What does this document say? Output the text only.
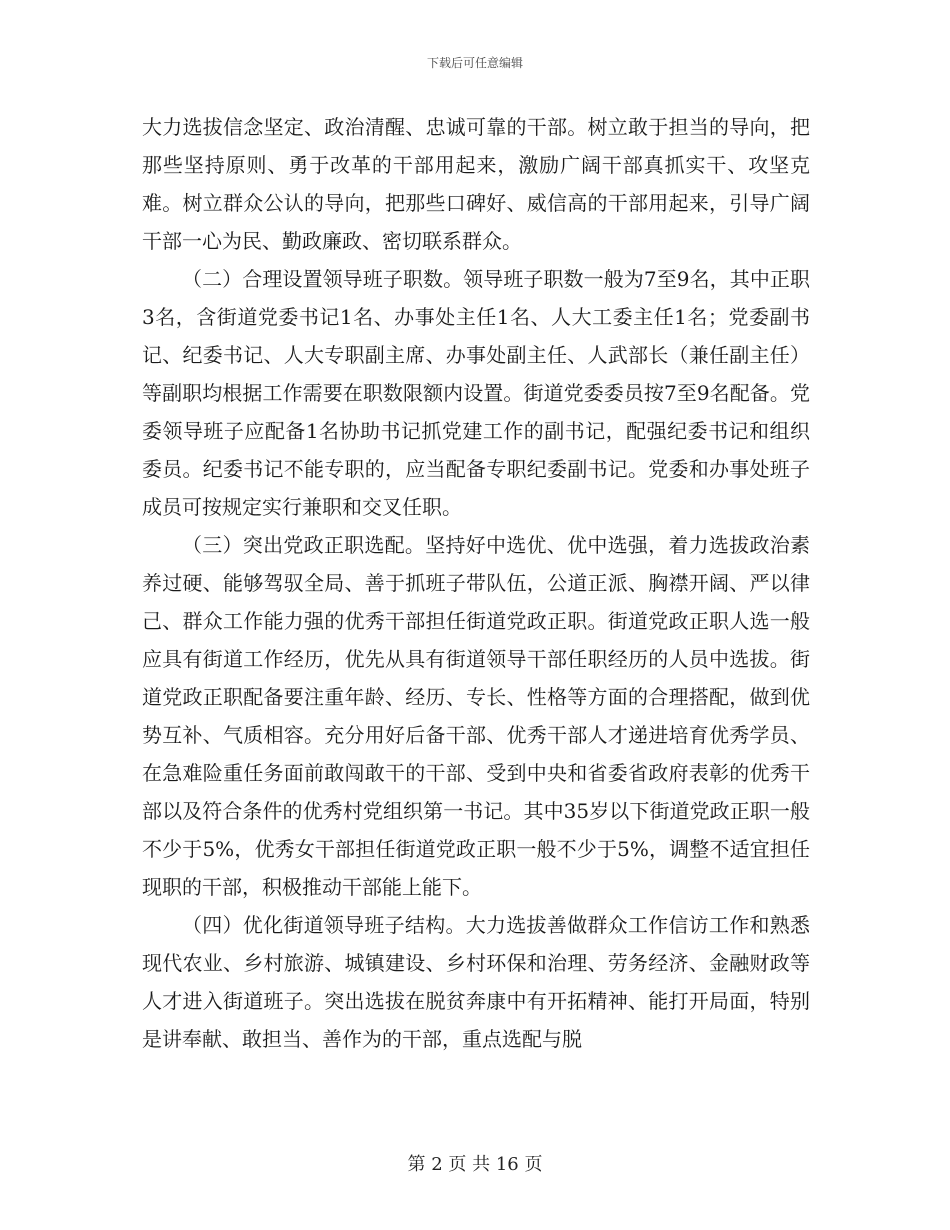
下载后可任意编辑

大力选拔信念坚定、政治清醒、忠诚可靠的干部。树立敢于担当的导向，把那些坚持原则、勇于改革的干部用起来，激励广阔干部真抓实干、攻坚克难。树立群众公认的导向，把那些口碑好、威信高的干部用起来，引导广阔干部一心为民、勤政廉政、密切联系群众。

（二）合理设置领导班子职数。领导班子职数一般为7至9名，其中正职3名，含街道党委书记1名、办事处主任1名、人大工委主任1名；党委副书记、纪委书记、人大专职副主席、办事处副主任、人武部长（兼任副主任）等副职均根据工作需要在职数限额内设置。街道党委委员按7至9名配备。党委领导班子应配备1名协助书记抓党建工作的副书记，配强纪委书记和组织委员。纪委书记不能专职的，应当配备专职纪委副书记。党委和办事处班子成员可按规定实行兼职和交叉任职。

（三）突出党政正职选配。坚持好中选优、优中选强，着力选拔政治素养过硬、能够驾驭全局、善于抓班子带队伍，公道正派、胸襟开阔、严以律己、群众工作能力强的优秀干部担任街道党政正职。街道党政正职人选一般应具有街道工作经历，优先从具有街道领导干部任职经历的人员中选拔。街道党政正职配备要注重年龄、经历、专长、性格等方面的合理搭配，做到优势互补、气质相容。充分用好后备干部、优秀干部人才递进培育优秀学员、在急难险重任务面前敢闯敢干的干部、受到中央和省委省政府表彰的优秀干部以及符合条件的优秀村党组织第一书记。其中35岁以下街道党政正职一般不少于5%，优秀女干部担任街道党政正职一般不少于5%，调整不适宜担任现职的干部，积极推动干部能上能下。

（四）优化街道领导班子结构。大力选拔善做群众工作信访工作和熟悉现代农业、乡村旅游、城镇建设、乡村环保和治理、劳务经济、金融财政等人才进入街道班子。突出选拔在脱贫奔康中有开拓精神、能打开局面，特别是讲奉献、敢担当、善作为的干部，重点选配与脱

第 2 页 共 16 页
